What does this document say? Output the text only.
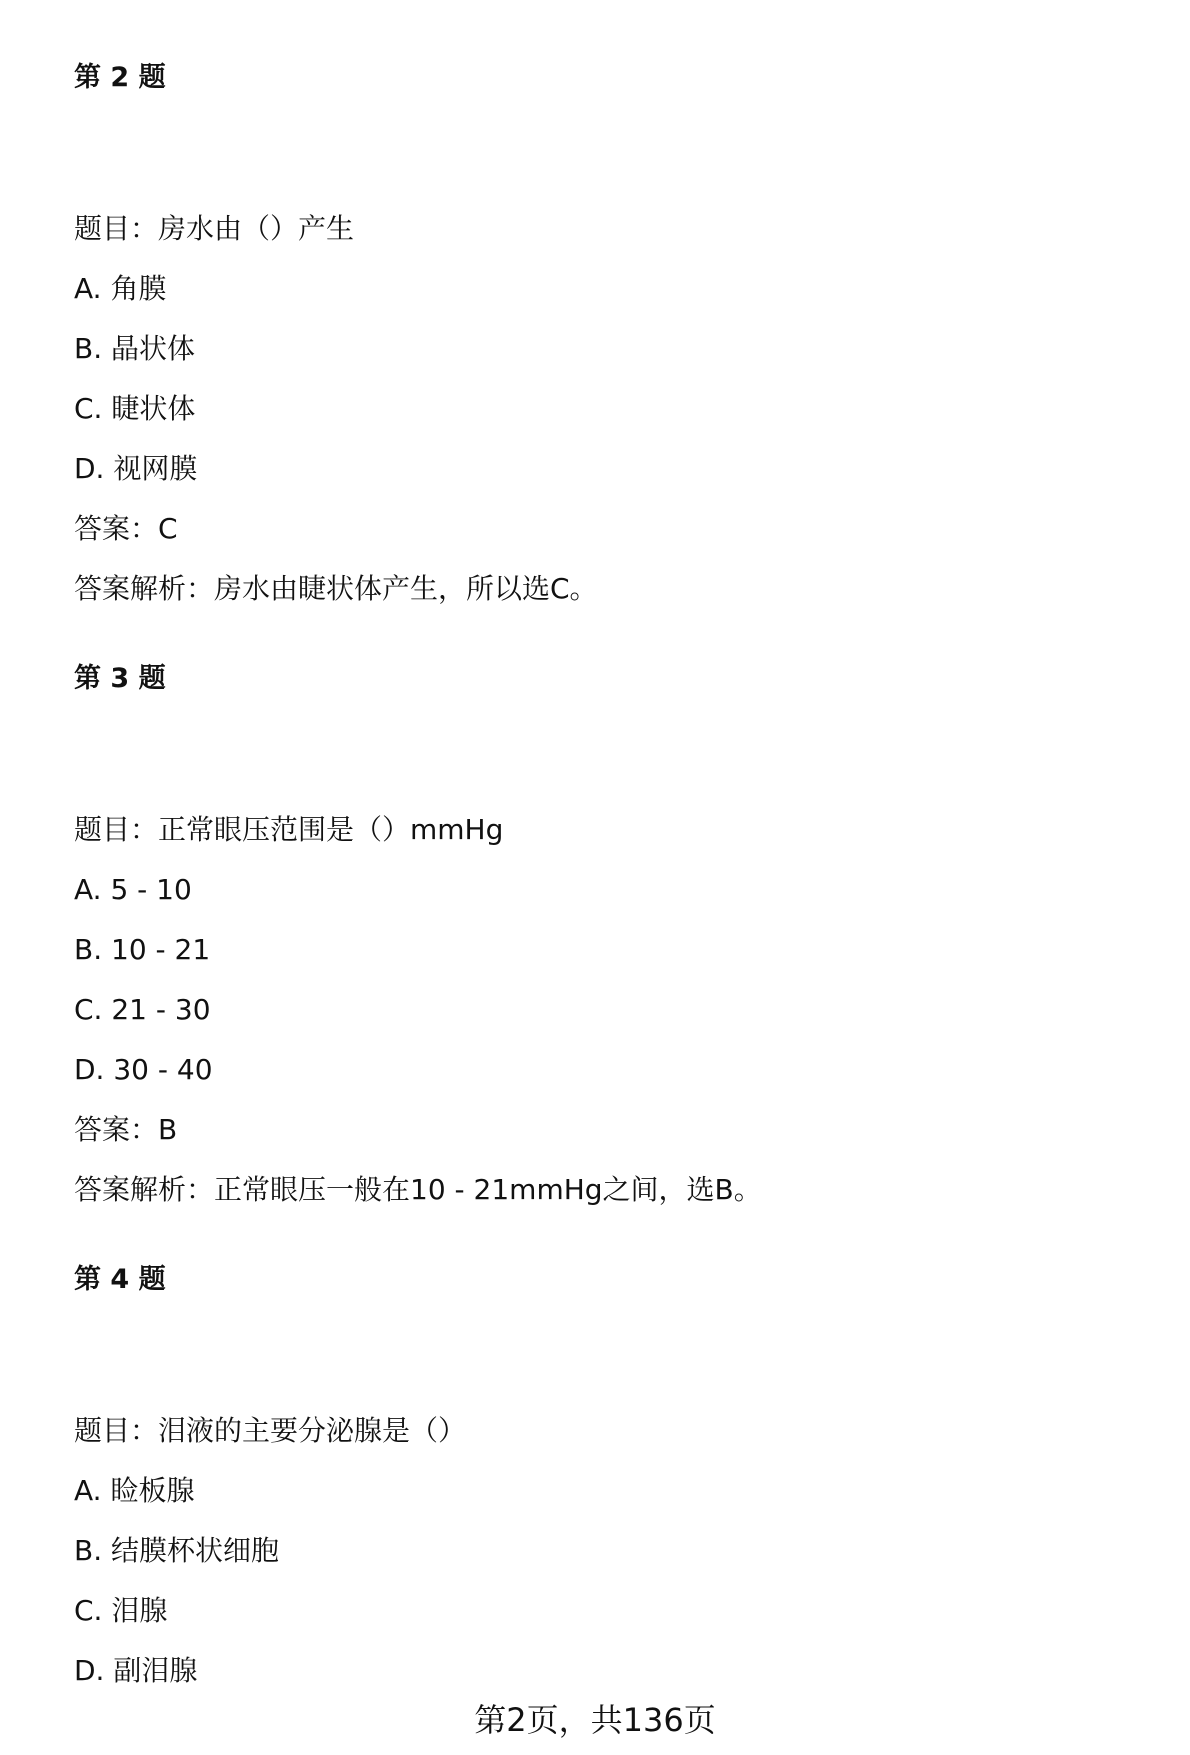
第 2 题
题目：房水由（）产生
A. 角膜
B. 晶状体
C. 睫状体
D. 视网膜
答案：C
答案解析：房水由睫状体产生，所以选C。
第 3 题
题目：正常眼压范围是（）mmHg
A. 5 - 10
B. 10 - 21
C. 21 - 30
D. 30 - 40
答案：B
答案解析：正常眼压一般在10 - 21mmHg之间，选B。
第 4 题
题目：泪液的主要分泌腺是（）
A. 睑板腺
B. 结膜杯状细胞
C. 泪腺
D. 副泪腺
第2页，共136页
